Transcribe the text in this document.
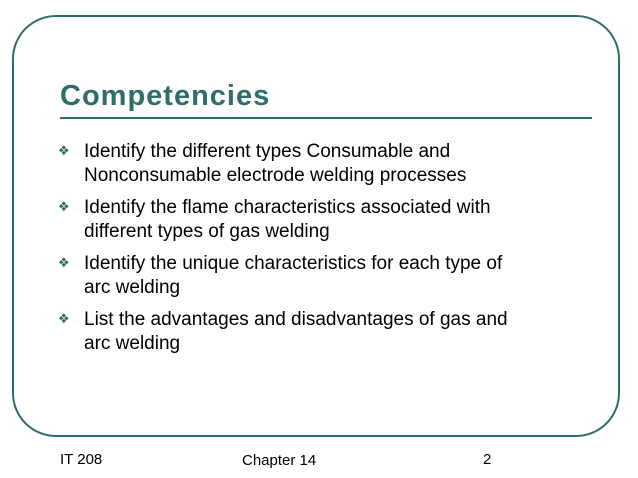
Competencies
❖ Identify the different types Consumable and
Nonconsumable electrode welding processes
❖ Identify the flame characteristics associated with
different types of gas welding
❖ Identify the unique characteristics for each type of
arc welding
❖ List the advantages and disadvantages of gas and
arc welding
IT 208	Chapter 14	2
